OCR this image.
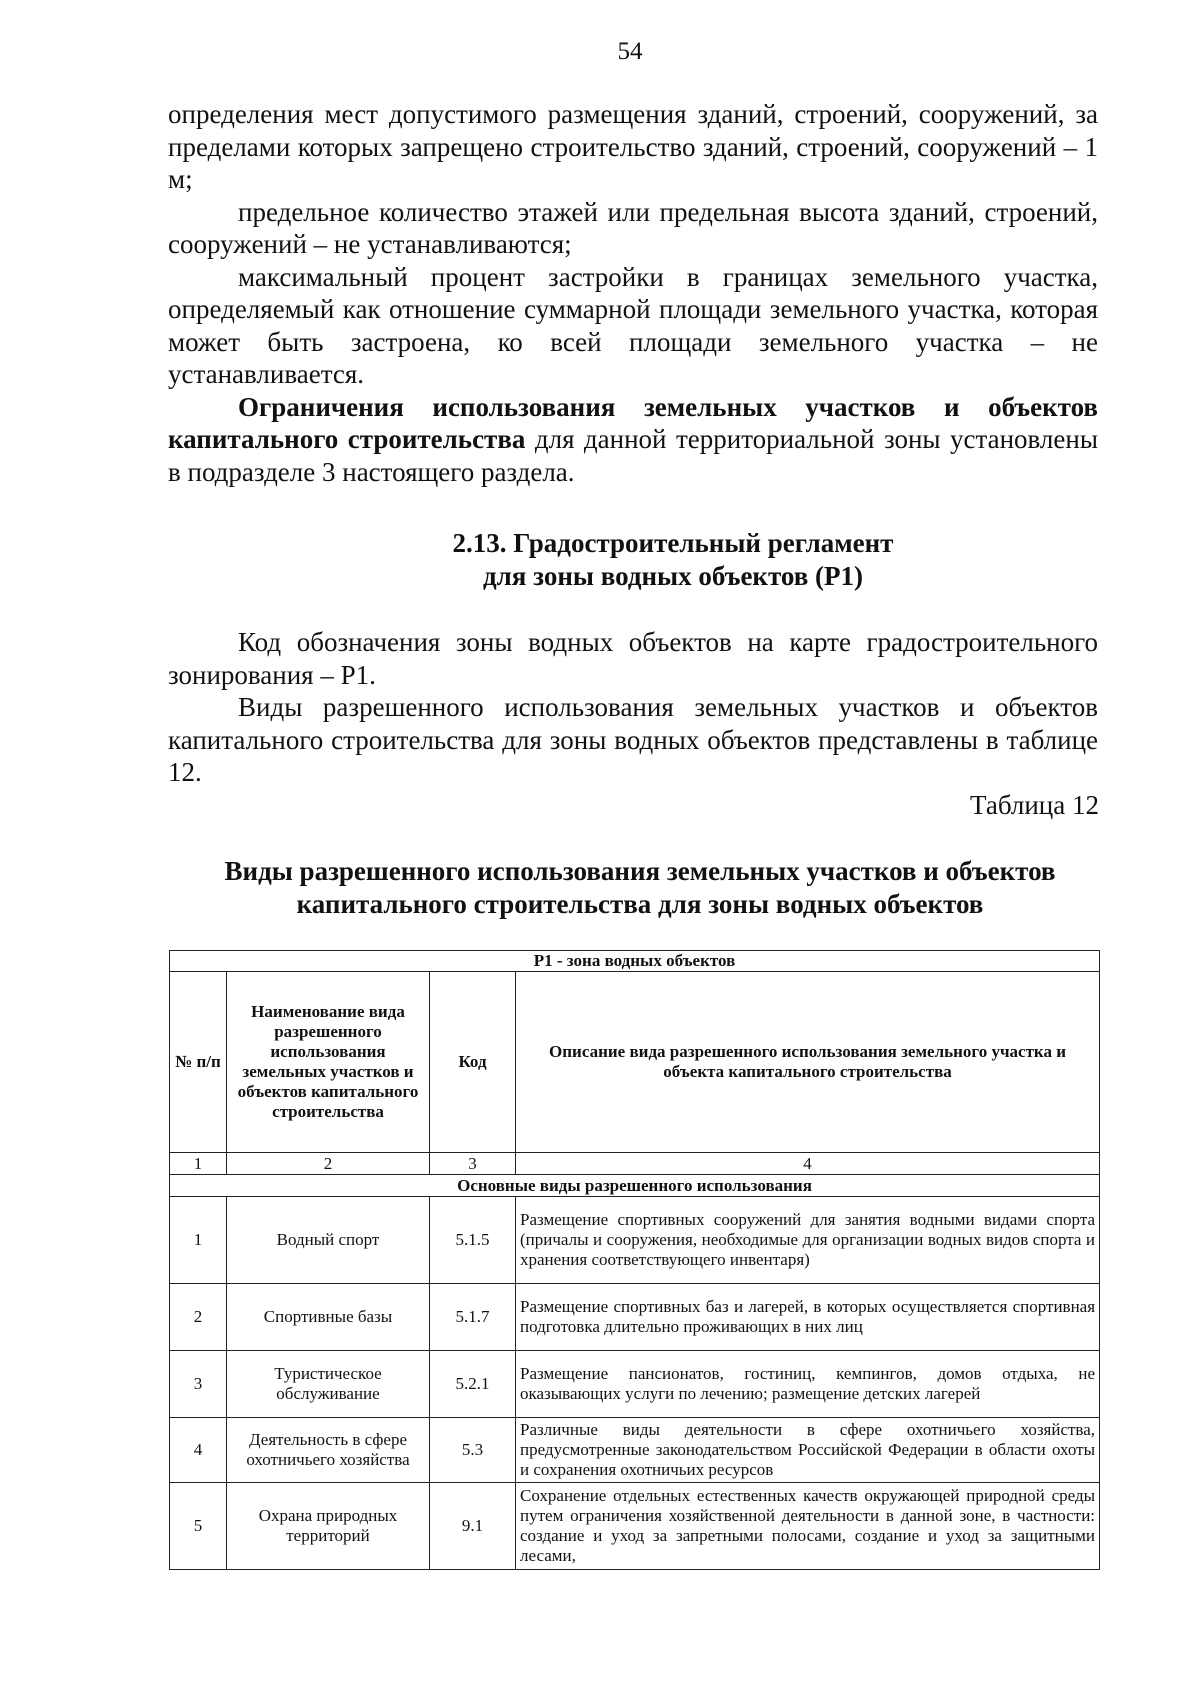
54

определения мест допустимого размещения зданий, строений, сооружений, за пределами которых запрещено строительство зданий, строений, сооружений – 1 м;

предельное количество этажей или предельная высота зданий, строений, сооружений – не устанавливаются;

максимальный процент застройки в границах земельного участка, определяемый как отношение суммарной площади земельного участка, которая может быть застроена, ко всей площади земельного участка – не устанавливается.

Ограничения использования земельных участков и объектов капитального строительства для данной территориальной зоны установлены в подразделе 3 настоящего раздела.

2.13. Градостроительный регламент
для зоны водных объектов (Р1)

Код обозначения зоны водных объектов на карте градостроительного зонирования – Р1.

Виды разрешенного использования земельных участков и объектов капитального строительства для зоны водных объектов представлены в таблице 12.

Таблица 12
Виды разрешенного использования земельных участков и объектов
капитального строительства для зоны водных объектов
Р1 - зона водных объектов			
№ п/п	Наименование вида разрешенного использования земельных участков и объектов капитального строительства	Код	Описание вида разрешенного использования земельного участка и объекта капитального строительства
1	2	3	4
Основные виды разрешенного использования			
1	Водный спорт	5.1.5	Размещение спортивных сооружений для занятия водными видами спорта (причалы и сооружения, необходимые для организации водных видов спорта и хранения соответствующего инвентаря)
2	Спортивные базы	5.1.7	Размещение спортивных баз и лагерей, в которых осуществляется спортивная подготовка длительно проживающих в них лиц
3	Туристическое обслуживание	5.2.1	Размещение пансионатов, гостиниц, кемпингов, домов отдыха, не оказывающих услуги по лечению; размещение детских лагерей
4	Деятельность в сфере охотничьего хозяйства	5.3	Различные виды деятельности в сфере охотничьего хозяйства, предусмотренные законодательством Российской Федерации в области охоты и сохранения охотничьих ресурсов
5	Охрана природных территорий	9.1	Сохранение отдельных естественных качеств окружающей природной среды путем ограничения хозяйственной деятельности в данной зоне, в частности: создание и уход за запретными полосами, создание и уход за защитными лесами,
